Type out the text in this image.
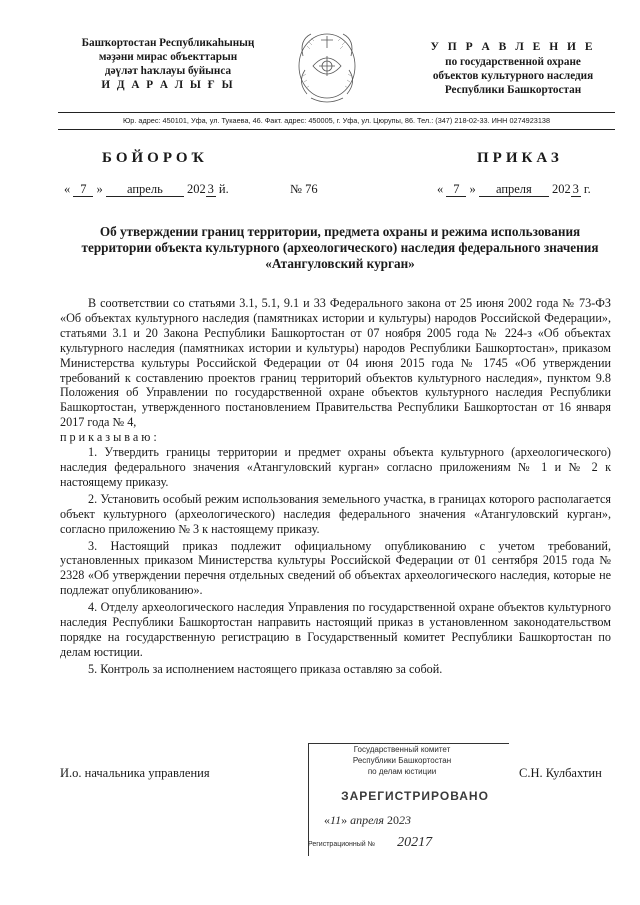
Башҡортостан Республикаһының
мәҙәни мирас объекттарын
дәүләт һаҡлауы буйынса
И Д А Р А Л Ы Ғ Ы
У П Р А В Л Е Н И Е
по государственной охране
объектов культурного наследия
Республики Башкортостан
Юр. адрес: 450101, Уфа, ул. Тукаева, 46. Факт. адрес: 450005, г. Уфа, ул. Цюрупы, 86. Тел.: (347) 218-02-33. ИНН 0274923138
БОЙОРОҠ	ПРИКАЗ
« 7 » апрель 202 3 й.	№ 76	« 7 » апреля 202 3 г.
Об утверждении границ территории, предмета охраны и режима использования территории объекта культурного (археологического) наследия федерального значения «Атангуловский курган»

В соответствии со статьями 3.1, 5.1, 9.1 и 33 Федерального закона от 25 июня 2002 года № 73-ФЗ «Об объектах культурного наследия (памятниках истории и культуры) народов Российской Федерации», статьями 3.1 и 20 Закона Республики Башкортостан от 07 ноября 2005 года № 224-з «Об объектах культурного наследия (памятниках истории и культуры) народов Республики Башкортостан», приказом Министерства культуры Российской Федерации от 04 июня 2015 года № 1745 «Об утверждении требований к составлению проектов границ территорий объектов культурного наследия», пунктом 9.8 Положения об Управлении по государственной охране объектов культурного наследия Республики Башкортостан, утвержденного постановлением Правительства Республики Башкортостан от 16 января 2017 года № 4,

приказываю:

1. Утвердить границы территории и предмет охраны объекта культурного (археологического) наследия федерального значения «Атангуловский курган» согласно приложениям № 1 и № 2 к настоящему приказу.

2. Установить особый режим использования земельного участка, в границах которого располагается объект культурного (археологического) наследия федерального значения «Атангуловский курган», согласно приложению № 3 к настоящему приказу.

3. Настоящий приказ подлежит официальному опубликованию с учетом требований, установленных приказом Министерства культуры Российской Федерации от 01 сентября 2015 года № 2328 «Об утверждении перечня отдельных сведений об объектах археологического наследия, которые не подлежат опубликованию».

4. Отделу археологического наследия Управления по государственной охране объектов культурного наследия Республики Башкортостан направить настоящий приказ в установленном законодательством порядке на государственную регистрацию в Государственный комитет Республики Башкортостан по делам юстиции.

5. Контроль за исполнением настоящего приказа оставляю за собой.

И.о. начальника управления	С.Н. Кулбахтин
Государственный комитет
Республики Башкортостан
по делам юстиции
ЗАРЕГИСТРИРОВАНО
«11» апреля 2023
Регистрационный № 20217
